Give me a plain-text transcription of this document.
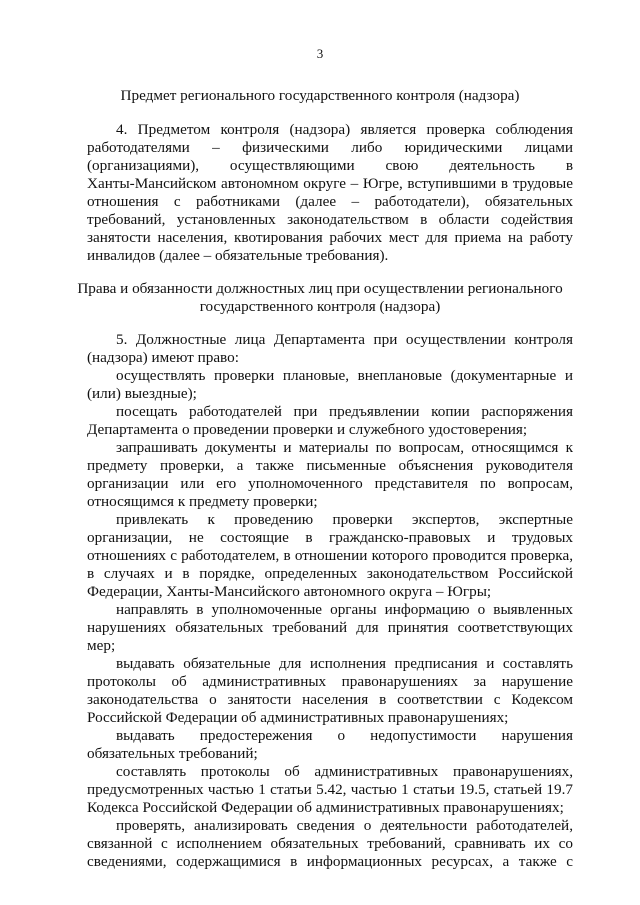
3
Предмет регионального государственного контроля (надзора)
4. Предметом контроля (надзора) является проверка соблюдения
работодателями – физическими либо юридическими лицами
(организациями), осуществляющими свою деятельность в
Ханты-Мансийском автономном округе – Югре, вступившими в трудовые
отношения с работниками (далее – работодатели), обязательных
требований, установленных законодательством в области содействия
занятости населения, квотирования рабочих мест для приема на работу
инвалидов (далее – обязательные требования).
Права и обязанности должностных лиц при осуществлении регионального
государственного контроля (надзора)
5. Должностные лица Департамента при осуществлении контроля
(надзора) имеют право:
осуществлять проверки плановые, внеплановые (документарные и
(или) выездные);
посещать работодателей при предъявлении копии распоряжения
Департамента о проведении проверки и служебного удостоверения;
запрашивать документы и материалы по вопросам, относящимся к
предмету проверки, а также письменные объяснения руководителя
организации или его уполномоченного представителя по вопросам,
относящимся к предмету проверки;
привлекать к проведению проверки экспертов, экспертные
организации, не состоящие в гражданско-правовых и трудовых
отношениях с работодателем, в отношении которого проводится проверка,
в случаях и в порядке, определенных законодательством Российской
Федерации, Ханты-Мансийского автономного округа – Югры;
направлять в уполномоченные органы информацию о выявленных
нарушениях обязательных требований для принятия соответствующих
мер;
выдавать обязательные для исполнения предписания и составлять
протоколы об административных правонарушениях за нарушение
законодательства о занятости населения в соответствии с Кодексом
Российской Федерации об административных правонарушениях;
выдавать предостережения о недопустимости нарушения
обязательных требований;
составлять протоколы об административных правонарушениях,
предусмотренных частью 1 статьи 5.42, частью 1 статьи 19.5, статьей 19.7
Кодекса Российской Федерации об административных правонарушениях;
проверять, анализировать сведения о деятельности работодателей,
связанной с исполнением обязательных требований, сравнивать их со
сведениями, содержащимися в информационных ресурсах, а также с
